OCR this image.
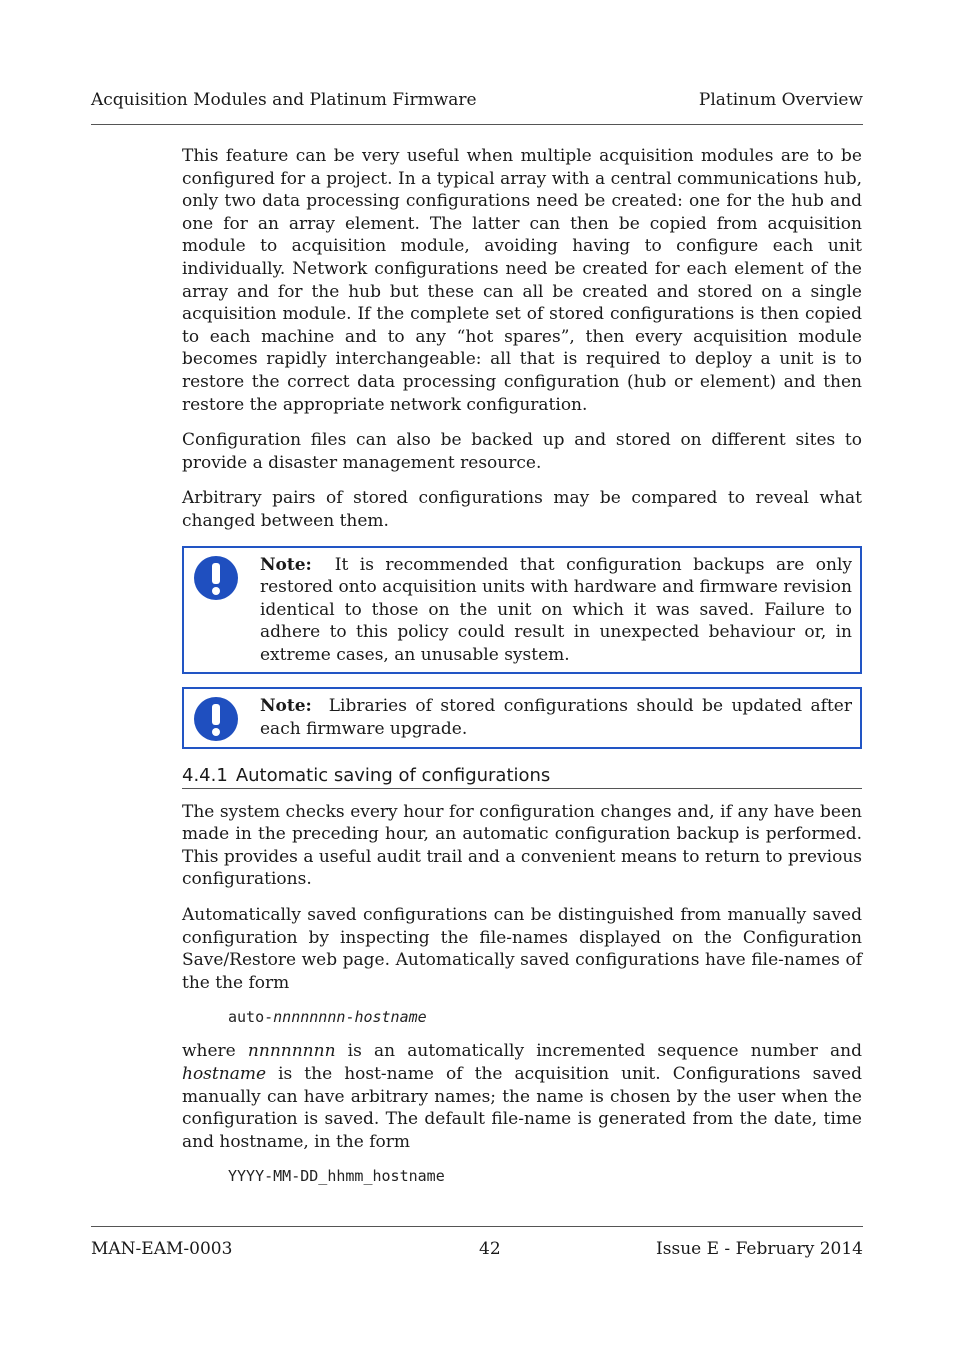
Acquisition Modules and Platinum Firmware	Platinum Overview

This feature can be very useful when multiple acquisition modules are to be configured for a project. In a typical array with a central communications hub, only two data processing configurations need be created: one for the hub and one for an array element. The latter can then be copied from acquisition module to acquisition module, avoiding having to configure each unit individually. Network configurations need be created for each element of the array and for the hub but these can all be created and stored on a single acquisition module. If the complete set of stored configurations is then copied to each machine and to any “hot spares”, then every acquisition module becomes rapidly interchangeable: all that is required to deploy a unit is to restore the correct data processing configuration (hub or element) and then restore the appropriate network configuration.

Configuration files can also be backed up and stored on different sites to provide a disaster management resource.

Arbitrary pairs of stored configurations may be compared to reveal what changed between them.

Note: It is recommended that configuration backups are only restored onto acquisition units with hardware and firmware revision identical to those on the unit on which it was saved. Failure to adhere to this policy could result in unexpected behaviour or, in extreme cases, an unusable system.
Note: Libraries of stored configurations should be updated after each firmware upgrade.
4.4.1 Automatic saving of configurations

The system checks every hour for configuration changes and, if any have been made in the preceding hour, an automatic configuration backup is performed. This provides a useful audit trail and a convenient means to return to previous configurations.

Automatically saved configurations can be distinguished from manually saved configuration by inspecting the file-names displayed on the Configuration Save/Restore web page. Automatically saved configurations have file-names of the the form

auto-nnnnnnnn-hostname

where nnnnnnnn is an automatically incremented sequence number and hostname is the host-name of the acquisition unit. Configurations saved manually can have arbitrary names; the name is chosen by the user when the configuration is saved. The default file-name is generated from the date, time and hostname, in the form

YYYY-MM-DD_hhmm_hostname
MAN-EAM-0003	42	Issue E - February 2014
